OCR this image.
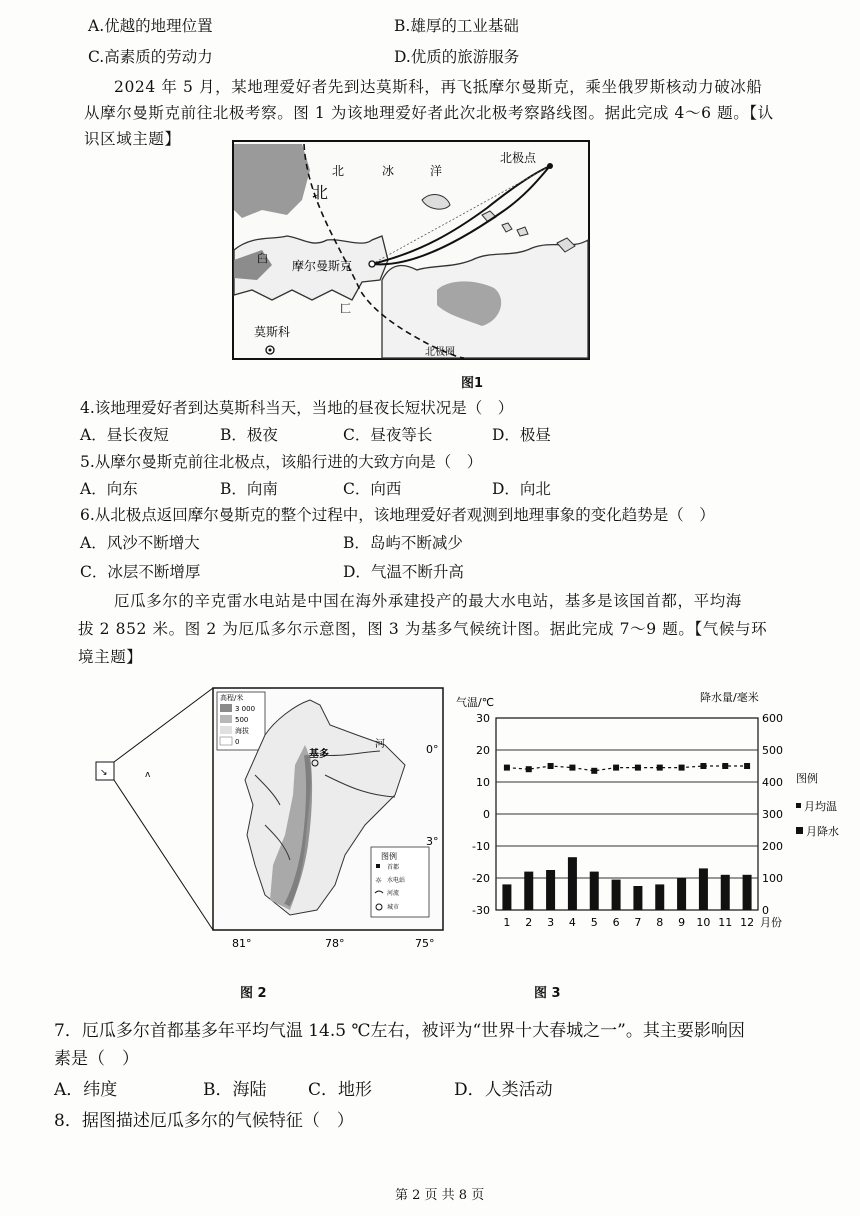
A.优越的地理位置	B.雄厚的工业基础
C.高素质的劳动力	D.优质的旅游服务
2024 年 5 月，某地理爱好者先到达莫斯科，再飞抵摩尔曼斯克，乘坐俄罗斯核动力破冰船
从摩尔曼斯克前往北极考察。图 1 为该地理爱好者此次北极考察路线图。据此完成 4～6 题。【认
识区域主题】
北	冰	洋
北极点
摩尔曼斯克
莫斯科
北极圈
北
⾅
匚
图1
4.该地理爱好者到达莫斯科当天，当地的昼夜长短状况是（　）
A．昼长夜短	B．极夜	C．昼夜等长	D．极昼
5.从摩尔曼斯克前往北极点，该船行进的大致方向是（　）
A．向东	B．向南	C．向西	D．向北
6.从北极点返回摩尔曼斯克的整个过程中，该地理爱好者观测到地理事象的变化趋势是（　）
A．风沙不断增大	B．岛屿不断减少
C．冰层不断增厚	D．气温不断升高
厄瓜多尔的辛克雷水电站是中国在海外承建投产的最大水电站，基多是该国首都，平均海
拔 2 852 米。图 2 为厄瓜多尔示意图，图 3 为基多气候统计图。据此完成 7～9 题。【气候与环
境主题】
↘	ʌ
高程/米
3 000
500
海拔
0
基多
河
图例
首都
☼ 水电站
河流
城市
0°
3°
81°	78°	75°
图 2
气温/℃	降水量/毫米
图例
30
20
10
0
-10
-20
-30
600
500
400
300
200
100
0
1 2 3 4 5 6 7 8 9 10 11 12 月份
月均温
月降水
图 3
7．厄瓜多尔首都基多年平均气温 14.5 ℃左右，被评为“世界十大春城之一”。其主要影响因
素是（　）
A．纬度	B．海陆 C．地形	D．人类活动
8．据图描述厄瓜多尔的气候特征（　）
第 2 页 共 8 页
